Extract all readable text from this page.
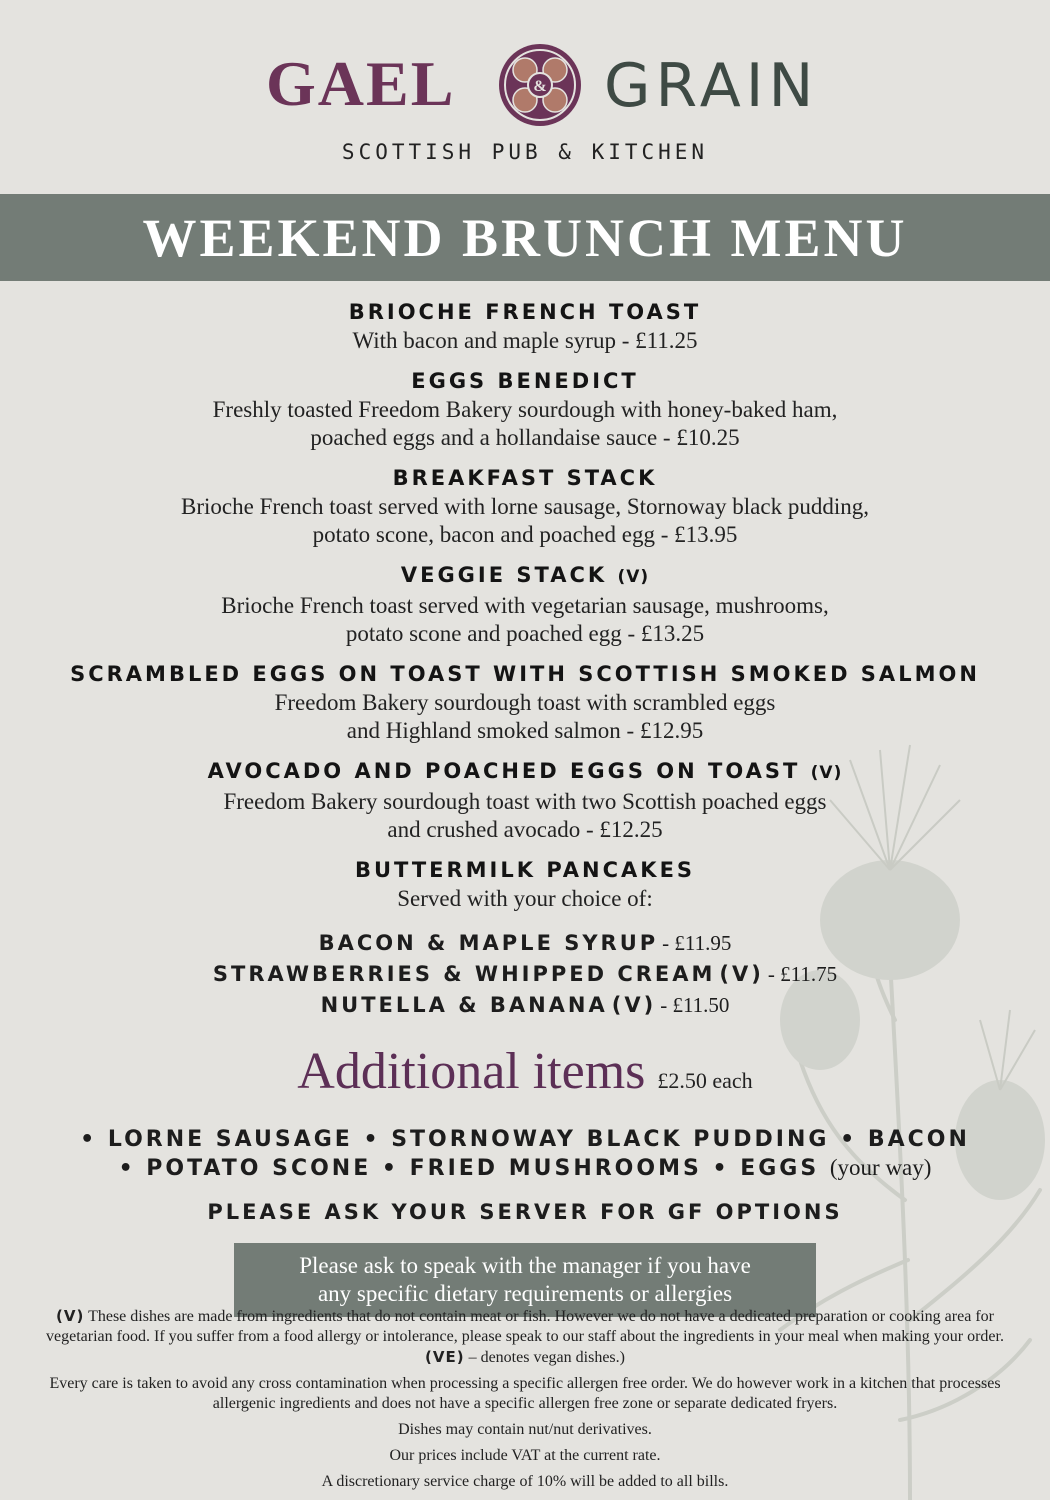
GAEL	& GRAIN
SCOTTISH PUB & KITCHEN
WEEKEND BRUNCH MENU
BRIOCHE FRENCH TOAST
With bacon and maple syrup - £11.25
EGGS BENEDICT
Freshly toasted Freedom Bakery sourdough with honey-baked ham,
poached eggs and a hollandaise sauce - £10.25
BREAKFAST STACK
Brioche French toast served with lorne sausage, Stornoway black pudding,
potato scone, bacon and poached egg - £13.95
VEGGIE STACK (V)
Brioche French toast served with vegetarian sausage, mushrooms,
potato scone and poached egg - £13.25
SCRAMBLED EGGS ON TOAST WITH SCOTTISH SMOKED SALMON
Freedom Bakery sourdough toast with scrambled eggs
and Highland smoked salmon - £12.95
AVOCADO AND POACHED EGGS ON TOAST (V)
Freedom Bakery sourdough toast with two Scottish poached eggs
and crushed avocado - £12.25
BUTTERMILK PANCAKES
Served with your choice of:
BACON & MAPLE SYRUP - £11.95
STRAWBERRIES & WHIPPED CREAM (V) - £11.75
NUTELLA & BANANA (V) - £11.50
Additional items £2.50 each
• LORNE SAUSAGE • STORNOWAY BLACK PUDDING • BACON
• POTATO SCONE • FRIED MUSHROOMS • EGGS (your way)
PLEASE ASK YOUR SERVER FOR GF OPTIONS
Please ask to speak with the manager if you have
any specific dietary requirements or allergies

(V) These dishes are made from ingredients that do not contain meat or fish. However we do not have a dedicated preparation or cooking area for vegetarian food. If you suffer from a food allergy or intolerance, please speak to our staff about the ingredients in your meal when making your order. (VE) – denotes vegan dishes.)

Every care is taken to avoid any cross contamination when processing a specific allergen free order. We do however work in a kitchen that processes allergenic ingredients and does not have a specific allergen free zone or separate dedicated fryers.

Dishes may contain nut/nut derivatives.

Our prices include VAT at the current rate.

A discretionary service charge of 10% will be added to all bills.
